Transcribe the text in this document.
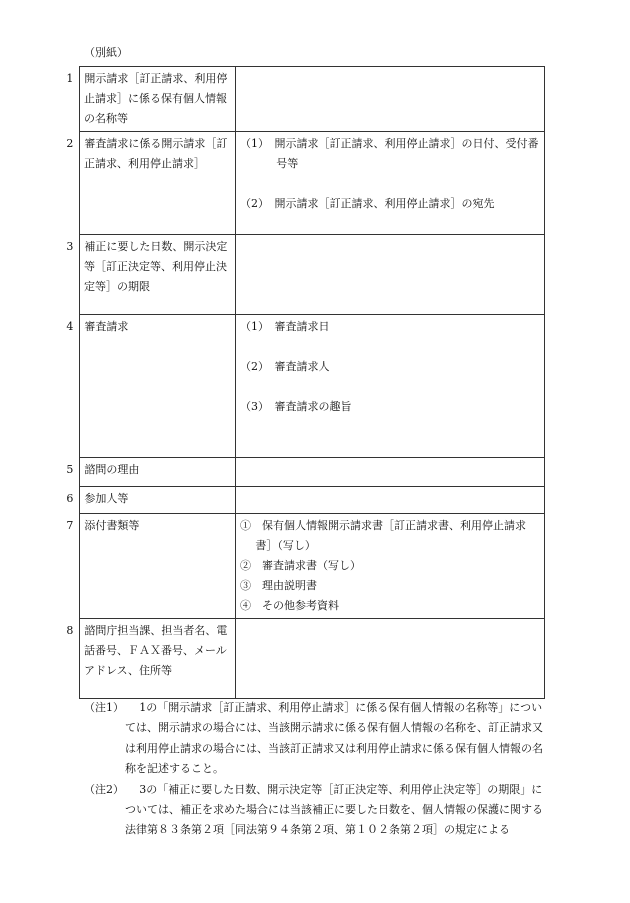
（別紙）
1　開示請求［訂正請求、利用停止請求］に係る保有個人情報の名称等	
2　審査請求に係る開示請求［訂正請求、利用停止請求］	（1）　開示請求［訂正請求、利用停止請求］の日付、受付番号等

（2）　開示請求［訂正請求、利用停止請求］の宛先

3　補正に要した日数、開示決定等［訂正決定等、利用停止決定等］の期限	
4　審査請求	（1）　審査請求日

（2）　審査請求人

（3）　審査請求の趣旨

5　諮問の理由	
6　参加人等	
7　添付書類等	①　保有個人情報開示請求書［訂正請求書、利用停止請求書］（写し）

②　審査請求書（写し）

③　理由説明書

④　その他参考資料

8　諮問庁担当課、担当者名、電話番号、ＦＡＸ番号、メールアドレス、住所等	
（注1）	1の「開示請求［訂正請求、利用停止請求］に係る保有個人情報の名称等」については、開示請求の場合には、当該開示請求に係る保有個人情報の名称を、訂正請求又は利用停止請求の場合には、当該訂正請求又は利用停止請求に係る保有個人情報の名称を記述すること。
（注2）	3の「補正に要した日数、開示決定等［訂正決定等、利用停止決定等］の期限」については、補正を求めた場合には当該補正に要した日数を、個人情報の保護に関する法律第８３条第２項［同法第９４条第２項、第１０２条第２項］の規定による
